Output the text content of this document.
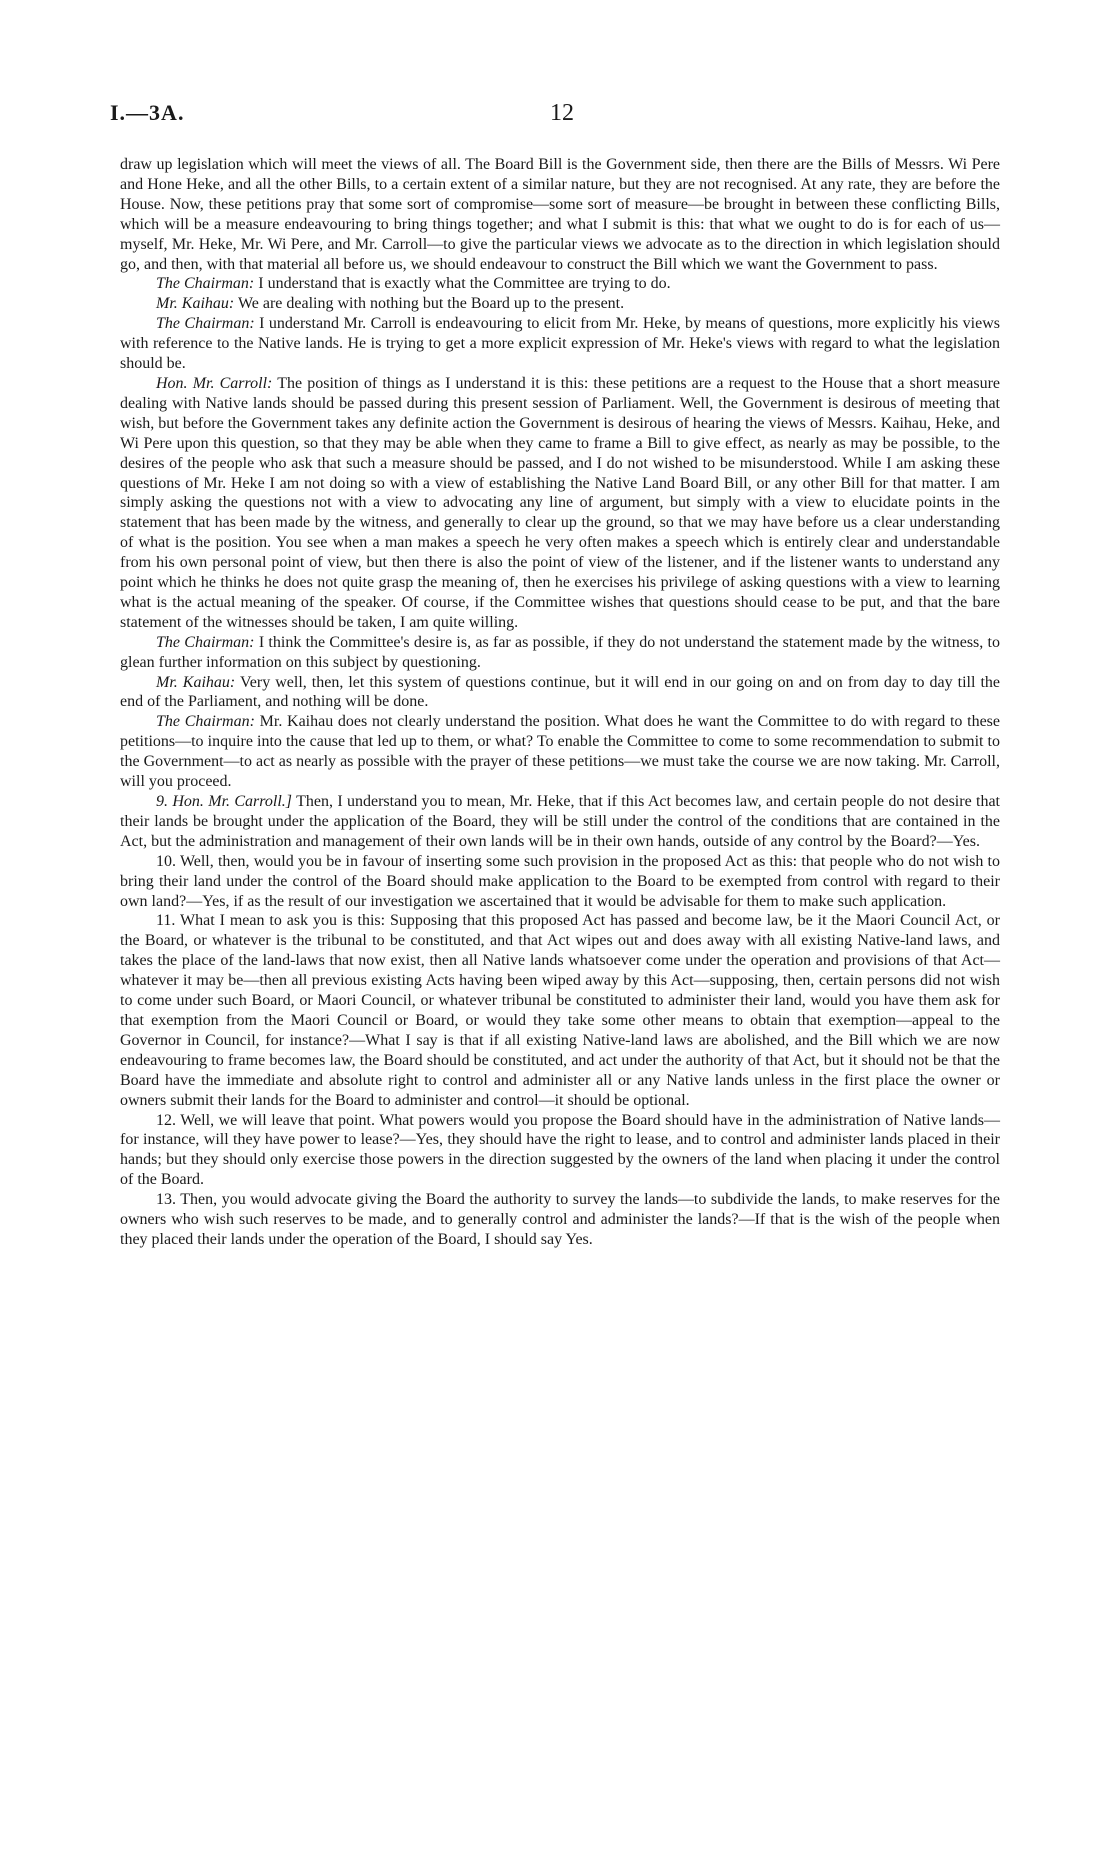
I.—3A.	12

draw up legislation which will meet the views of all. The Board Bill is the Government side, then there are the Bills of Messrs. Wi Pere and Hone Heke, and all the other Bills, to a certain extent of a similar nature, but they are not recognised. At any rate, they are before the House. Now, these petitions pray that some sort of compromise—some sort of measure—be brought in between these conflicting Bills, which will be a measure endeavouring to bring things together; and what I submit is this: that what we ought to do is for each of us—myself, Mr. Heke, Mr. Wi Pere, and Mr. Carroll—to give the particular views we advocate as to the direction in which legislation should go, and then, with that material all before us, we should endeavour to construct the Bill which we want the Government to pass.

The Chairman: I understand that is exactly what the Committee are trying to do.

Mr. Kaihau: We are dealing with nothing but the Board up to the present.

The Chairman: I understand Mr. Carroll is endeavouring to elicit from Mr. Heke, by means of questions, more explicitly his views with reference to the Native lands. He is trying to get a more explicit expression of Mr. Heke's views with regard to what the legislation should be.

Hon. Mr. Carroll: The position of things as I understand it is this: these petitions are a request to the House that a short measure dealing with Native lands should be passed during this present session of Parliament. Well, the Government is desirous of meeting that wish, but before the Government takes any definite action the Government is desirous of hearing the views of Messrs. Kaihau, Heke, and Wi Pere upon this question, so that they may be able when they came to frame a Bill to give effect, as nearly as may be possible, to the desires of the people who ask that such a measure should be passed, and I do not wished to be misunderstood. While I am asking these questions of Mr. Heke I am not doing so with a view of establishing the Native Land Board Bill, or any other Bill for that matter. I am simply asking the questions not with a view to advocating any line of argument, but simply with a view to elucidate points in the statement that has been made by the witness, and generally to clear up the ground, so that we may have before us a clear understanding of what is the position. You see when a man makes a speech he very often makes a speech which is entirely clear and understandable from his own personal point of view, but then there is also the point of view of the listener, and if the listener wants to understand any point which he thinks he does not quite grasp the meaning of, then he exercises his privilege of asking questions with a view to learning what is the actual meaning of the speaker. Of course, if the Committee wishes that questions should cease to be put, and that the bare statement of the witnesses should be taken, I am quite willing.

The Chairman: I think the Committee's desire is, as far as possible, if they do not understand the statement made by the witness, to glean further information on this subject by questioning.

Mr. Kaihau: Very well, then, let this system of questions continue, but it will end in our going on and on from day to day till the end of the Parliament, and nothing will be done.

The Chairman: Mr. Kaihau does not clearly understand the position. What does he want the Committee to do with regard to these petitions—to inquire into the cause that led up to them, or what? To enable the Committee to come to some recommendation to submit to the Government—to act as nearly as possible with the prayer of these petitions—we must take the course we are now taking. Mr. Carroll, will you proceed.

9. Hon. Mr. Carroll.] Then, I understand you to mean, Mr. Heke, that if this Act becomes law, and certain people do not desire that their lands be brought under the application of the Board, they will be still under the control of the conditions that are contained in the Act, but the administration and management of their own lands will be in their own hands, outside of any control by the Board?—Yes.

10. Well, then, would you be in favour of inserting some such provision in the proposed Act as this: that people who do not wish to bring their land under the control of the Board should make application to the Board to be exempted from control with regard to their own land?—Yes, if as the result of our investigation we ascertained that it would be advisable for them to make such application.

11. What I mean to ask you is this: Supposing that this proposed Act has passed and become law, be it the Maori Council Act, or the Board, or whatever is the tribunal to be constituted, and that Act wipes out and does away with all existing Native-land laws, and takes the place of the land-laws that now exist, then all Native lands whatsoever come under the operation and provisions of that Act—whatever it may be—then all previous existing Acts having been wiped away by this Act—supposing, then, certain persons did not wish to come under such Board, or Maori Council, or whatever tribunal be constituted to administer their land, would you have them ask for that exemption from the Maori Council or Board, or would they take some other means to obtain that exemption—appeal to the Governor in Council, for instance?—What I say is that if all existing Native-land laws are abolished, and the Bill which we are now endeavouring to frame becomes law, the Board should be constituted, and act under the authority of that Act, but it should not be that the Board have the immediate and absolute right to control and administer all or any Native lands unless in the first place the owner or owners submit their lands for the Board to administer and control—it should be optional.

12. Well, we will leave that point. What powers would you propose the Board should have in the administration of Native lands—for instance, will they have power to lease?—Yes, they should have the right to lease, and to control and administer lands placed in their hands; but they should only exercise those powers in the direction suggested by the owners of the land when placing it under the control of the Board.

13. Then, you would advocate giving the Board the authority to survey the lands—to subdivide the lands, to make reserves for the owners who wish such reserves to be made, and to generally control and administer the lands?—If that is the wish of the people when they placed their lands under the operation of the Board, I should say Yes.
